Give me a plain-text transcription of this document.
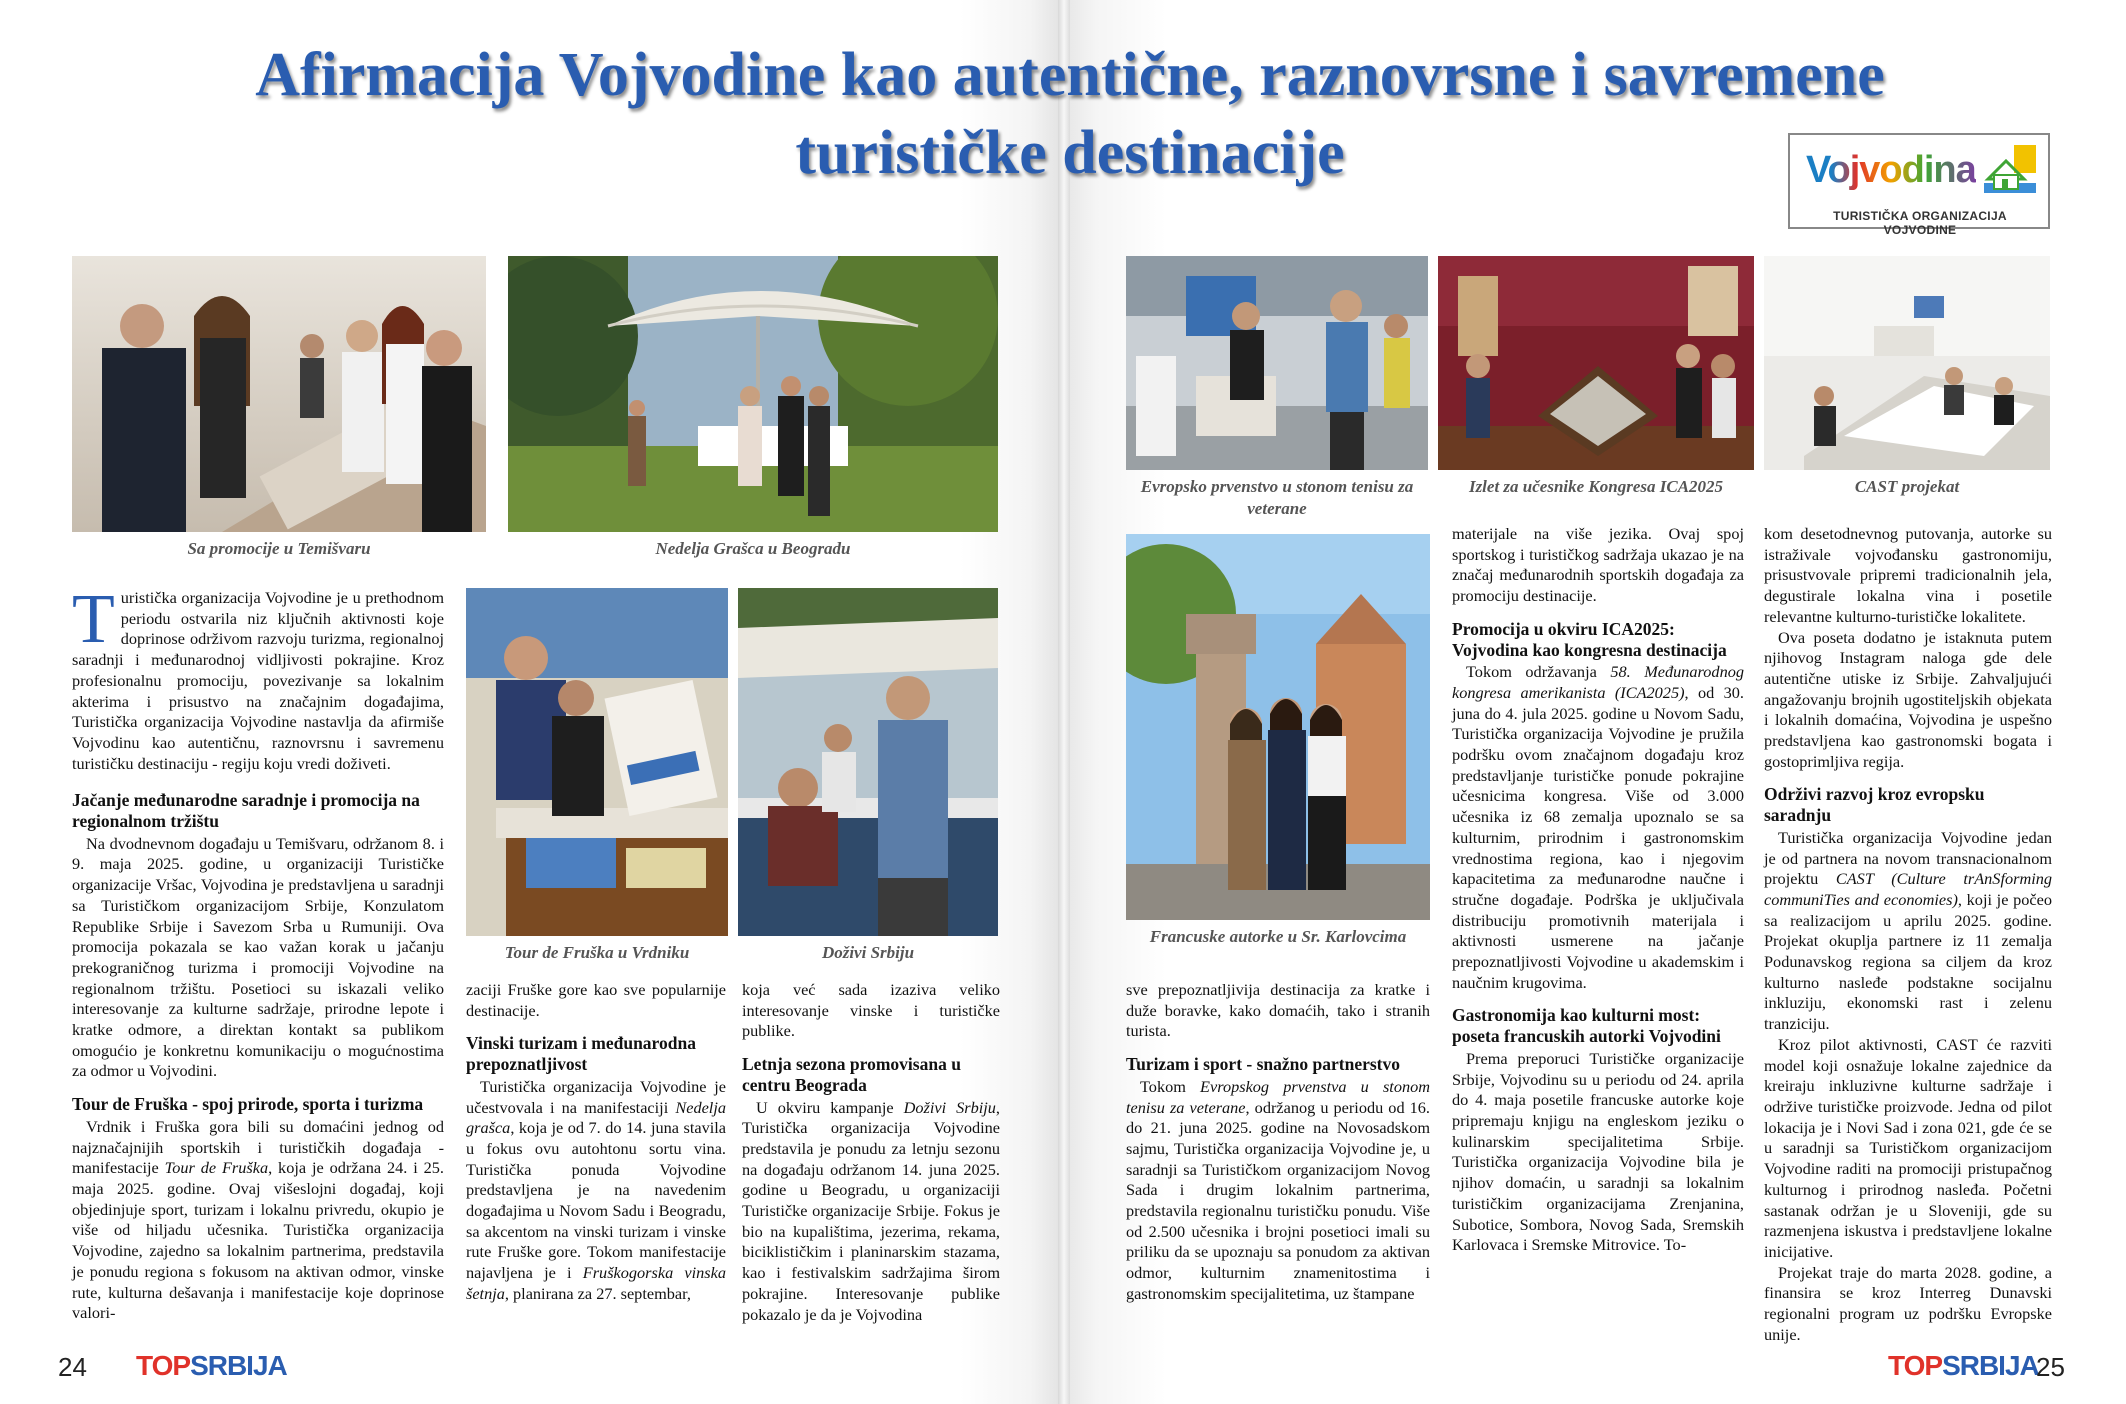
Afirmacija Vojvodine kao autentične, raznovrsne i savremene
turističke destinacije	Vojvodina
TURISTIČKA ORGANIZACIJA VOJVODINE
Sa promocije u Temišvaru	Nedelja Grašca u Beogradu
Tour de Fruška u Vrdniku	Doživi Srbiju

Turistička organizacija Vojvodine je u prethodnom periodu ostvarila niz ključnih aktivnosti koje doprinose održivom razvoju turizma, regionalnoj saradnji i međunarodnoj vidljivosti pokrajine. Kroz profesionalnu promociju, povezivanje sa lokalnim akterima i prisustvo na značajnim događajima, Turistička organizacija Vojvodine nastavlja da afirmiše Vojvodinu kao autentičnu, raznovrsnu i savremenu turističku destinaciju - regiju koju vredi doživeti.

Jačanje međunarodne saradnje i promocija na regionalnom tržištu

Na dvodnevnom događaju u Temišvaru, održanom 8. i 9. maja 2025. godine, u organizaciji Turističke organizacije Vršac, Vojvodina je predstavljena u saradnji sa Turističkom organizacijom Srbije, Konzulatom Republike Srbije i Savezom Srba u Rumuniji. Ova promocija pokazala se kao važan korak u jačanju prekograničnog turizma i promociji Vojvodine na regionalnom tržištu. Posetioci su iskazali veliko interesovanje za kulturne sadržaje, prirodne lepote i kratke odmore, a direktan kontakt sa publikom omogućio je konkretnu komunikaciju o mogućnostima za odmor u Vojvodini.

Tour de Fruška - spoj prirode, sporta i turizma

Vrdnik i Fruška gora bili su domaćini jednog od najznačajnijih sportskih i turističkih događaja - manifestacije Tour de Fruška, koja je održana 24. i 25. maja 2025. godine. Ovaj višeslojni događaj, koji objedinjuje sport, turizam i lokalnu privredu, okupio je više od hiljadu učesnika. Turistička organizacija Vojvodine, zajedno sa lokalnim partnerima, predstavila je ponudu regiona s fokusom na aktivan odmor, vinske rute, kulturna dešavanja i manifestacije koje doprinose valori-

zaciji Fruške gore kao sve popularnije destinacije.

Vinski turizam i međunarodna prepoznatljivost

Turistička organizacija Vojvodine je učestvovala i na manifestaciji Nedelja grašca, koja je od 7. do 14. juna stavila u fokus ovu autohtonu sortu vina. Turistička ponuda Vojvodine predstavljena je na navedenim događajima u Novom Sadu i Beogradu, sa akcentom na vinski turizam i vinske rute Fruške gore. Tokom manifestacije najavljena je i Fruškogorska vinska šetnja, planirana za 27. septembar,

koja već sada izaziva veliko interesovanje vinske i turističke publike.

Letnja sezona promovisana u centru Beograda

U okviru kampanje Doživi Srbiju, Turistička organizacija Vojvodine predstavila je ponudu za letnju sezonu na događaju održanom 14. juna 2025. godine u Beogradu, u organizaciji Turističke organizacije Srbije. Fokus je bio na kupalištima, jezerima, rekama, biciklističkim i planinarskim stazama, kao i festivalskim sadržajima širom pokrajine. Interesovanje publike pokazalo je da je Vojvodina

24 TOPSRBIJA
Evropsko prvenstvo u stonom tenisu za veterane
Izlet za učesnike Kongresa ICA2025	CAST projekat
Francuske autorke u Sr. Karlovcima

sve prepoznatljivija destinacija za kratke i duže boravke, kako domaćih, tako i stranih turista.

Turizam i sport - snažno partnerstvo

Tokom Evropskog prvenstva u stonom tenisu za veterane, održanog u periodu od 16. do 21. juna 2025. godine na Novosadskom sajmu, Turistička organizacija Vojvodine je, u saradnji sa Turističkom organizacijom Novog Sada i drugim lokalnim partnerima, predstavila regionalnu turističku ponudu. Više od 2.500 učesnika i brojni posetioci imali su priliku da se upoznaju sa ponudom za aktivan odmor, kulturnim znamenitostima i gastronomskim specijalitetima, uz štampane

materijale na više jezika. Ovaj spoj sportskog i turističkog sadržaja ukazao je na značaj međunarodnih sportskih događaja za promociju destinacije.

Promocija u okviru ICA2025: Vojvodina kao kongresna destinacija

Tokom održavanja 58. Međunarodnog kongresa amerikanista (ICA2025), od 30. juna do 4. jula 2025. godine u Novom Sadu, Turistička organizacija Vojvodine je pružila podršku ovom značajnom događaju kroz predstavljanje turističke ponude pokrajine učesnicima kongresa. Više od 3.000 učesnika iz 68 zemalja upoznalo se sa kulturnim, prirodnim i gastronomskim vrednostima regiona, kao i njegovim kapacitetima za međunarodne naučne i stručne događaje. Podrška je uključivala distribuciju promotivnih materijala i aktivnosti usmerene na jačanje prepoznatljivosti Vojvodine u akademskim i naučnim krugovima.

Gastronomija kao kulturni most: poseta francuskih autorki Vojvodini

Prema preporuci Turističke organizacije Srbije, Vojvodinu su u periodu od 24. aprila do 4. maja posetile francuske autorke koje pripremaju knjigu na engleskom jeziku o kulinarskim specijalitetima Srbije. Turistička organizacija Vojvodine bila je njihov domaćin, u saradnji sa lokalnim turističkim organizacijama Zrenjanina, Subotice, Sombora, Novog Sada, Sremskih Karlovaca i Sremske Mitrovice. To-

kom desetodnevnog putovanja, autorke su istraživale vojvođansku gastronomiju, prisustvovale pripremi tradicionalnih jela, degustirale lokalna vina i posetile relevantne kulturno-turističke lokalitete.

Ova poseta dodatno je istaknuta putem njihovog Instagram naloga gde dele autentične utiske iz Srbije. Zahvaljujući angažovanju brojnih ugostiteljskih objekata i lokalnih domaćina, Vojvodina je uspešno predstavljena kao gastronomski bogata i gostoprimljiva regija.

Održivi razvoj kroz evropsku saradnju

Turistička organizacija Vojvodine jedan je od partnera na novom transnacionalnom projektu CAST (Culture trAnSforming communiTies and economies), koji je počeo sa realizacijom u aprilu 2025. godine. Projekat okuplja partnere iz 11 zemalja Podunavskog regiona sa ciljem da kroz kulturno nasleđe podstakne socijalnu inkluziju, ekonomski rast i zelenu tranziciju.

Kroz pilot aktivnosti, CAST će razviti model koji osnažuje lokalne zajednice da kreiraju inkluzivne kulturne sadržaje i održive turističke proizvode. Jedna od pilot lokacija je i Novi Sad i zona 021, gde će se u saradnji sa Turističkom organizacijom Vojvodine raditi na promociji pristupačnog kulturnog i prirodnog nasleđa. Početni sastanak održan je u Sloveniji, gde su razmenjena iskustva i predstavljene lokalne inicijative.

Projekat traje do marta 2028. godine, a finansira se kroz Interreg Dunavski regionalni program uz podršku Evropske unije.

TOPSRBIJA
25
